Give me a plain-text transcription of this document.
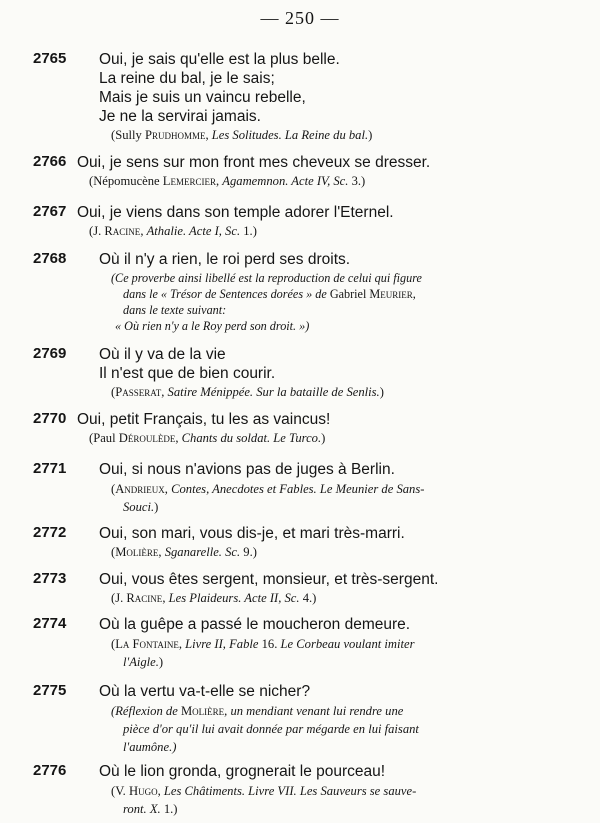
— 250 —
2765 Oui, je sais qu'elle est la plus belle.
La reine du bal, je le sais;
Mais je suis un vaincu rebelle,
Je ne la servirai jamais.
(Sully Prudhomme, Les Solitudes. La Reine du bal.)
2766 Oui, je sens sur mon front mes cheveux se dresser.
(Népomucène Lemercier, Agamemnon. Acte IV, Sc. 3.)
2767 Oui, je viens dans son temple adorer l'Eternel.
(J. Racine, Athalie. Acte I, Sc. 1.)
2768 Où il n'y a rien, le roi perd ses droits.
(Ce proverbe ainsi libellé est la reproduction de celui qui figure
dans le « Trésor de Sentences dorées » de Gabriel Meurier,
dans le texte suivant:
« Où rien n'y a le Roy perd son droit. »)
2769 Où il y va de la vie
Il n'est que de bien courir.
(Passerat, Satire Ménippée. Sur la bataille de Senlis.)
2770 Oui, petit Français, tu les as vaincus!
(Paul Déroulède, Chants du soldat. Le Turco.)
2771 Oui, si nous n'avions pas de juges à Berlin.
(Andrieux, Contes, Anecdotes et Fables. Le Meunier de Sans-
Souci.)
2772 Oui, son mari, vous dis-je, et mari très-marri.
(Molière, Sganarelle. Sc. 9.)
2773 Oui, vous êtes sergent, monsieur, et très-sergent.
(J. Racine, Les Plaideurs. Acte II, Sc. 4.)
2774 Où la guêpe a passé le moucheron demeure.
(La Fontaine, Livre II, Fable 16. Le Corbeau voulant imiter
l'Aigle.)
2775 Où la vertu va-t-elle se nicher?
(Réflexion de Molière, un mendiant venant lui rendre une
pièce d'or qu'il lui avait donnée par mégarde en lui faisant
l'aumône.)
2776 Où le lion gronda, grognerait le pourceau!
(V. Hugo, Les Châtiments. Livre VII. Les Sauveurs se sauve-
ront. X. 1.)
